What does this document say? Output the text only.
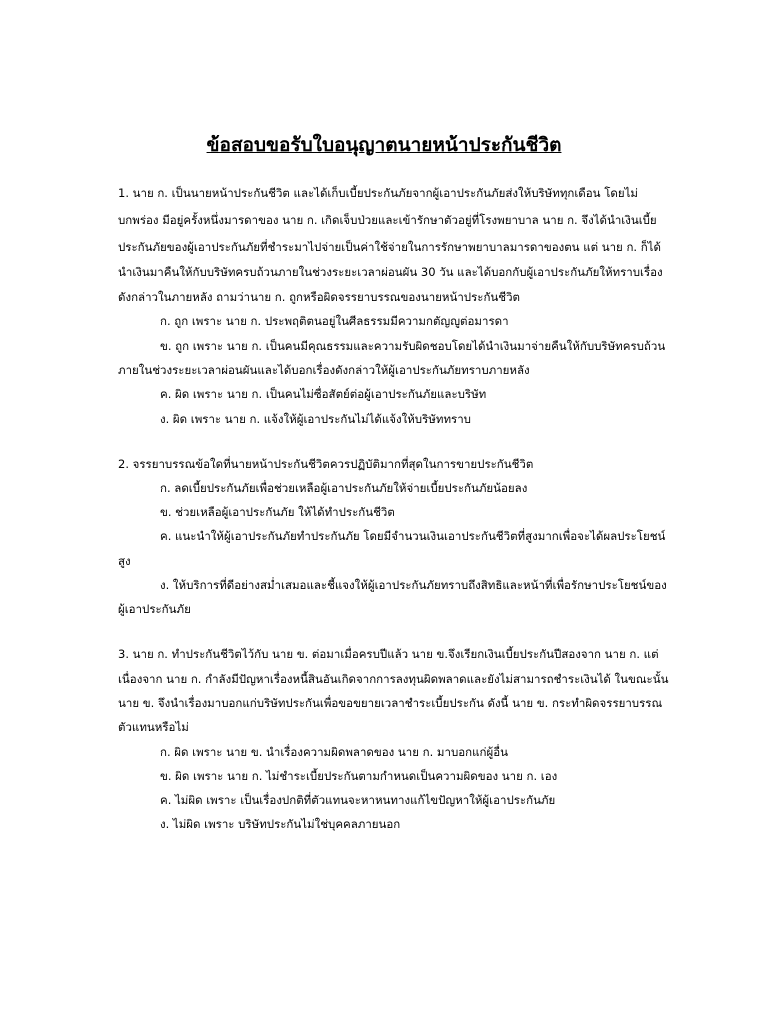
ข้อสอบขอรับใบอนุญาตนายหน้าประกันชีวิต
1. นาย ก. เป็นนายหน้าประกันชีวิต และได้เก็บเบี้ยประกันภัยจากผู้เอาประกันภัยส่งให้บริษัททุกเดือน โดยไม่
บกพร่อง มีอยู่ครั้งหนึ่งมารดาของ นาย ก. เกิดเจ็บป่วยและเข้ารักษาตัวอยู่ที่โรงพยาบาล นาย ก. จึงได้นำเงินเบี้ย
ประกันภัยของผู้เอาประกันภัยที่ชำระมาไปจ่ายเป็นค่าใช้จ่ายในการรักษาพยาบาลมารดาของตน แต่ นาย ก. ก็ได้
นำเงินมาคืนให้กับบริษัทครบถ้วนภายในช่วงระยะเวลาผ่อนผัน 30 วัน และได้บอกกับผู้เอาประกันภัยให้ทราบเรื่อง
ดังกล่าวในภายหลัง ถามว่านาย ก. ถูกหรือผิดจรรยาบรรณของนายหน้าประกันชีวิต
ก. ถูก เพราะ นาย ก. ประพฤติตนอยู่ในศีลธรรมมีความกตัญญูต่อมารดา
ข. ถูก เพราะ นาย ก. เป็นคนมีคุณธรรมและความรับผิดชอบโดยได้นำเงินมาจ่ายคืนให้กับบริษัทครบถ้วน
ภายในช่วงระยะเวลาผ่อนผันและได้บอกเรื่องดังกล่าวให้ผู้เอาประกันภัยทราบภายหลัง
ค. ผิด เพราะ นาย ก. เป็นคนไม่ซื่อสัตย์ต่อผู้เอาประกันภัยและบริษัท
ง. ผิด เพราะ นาย ก. แจ้งให้ผู้เอาประกันไม่ได้แจ้งให้บริษัททราบ
2. จรรยาบรรณข้อใดที่นายหน้าประกันชีวิตควรปฏิบัติมากที่สุดในการขายประกันชีวิต
ก. ลดเบี้ยประกันภัยเพื่อช่วยเหลือผู้เอาประกันภัยให้จ่ายเบี้ยประกันภัยน้อยลง
ข. ช่วยเหลือผู้เอาประกันภัย ให้ได้ทำประกันชีวิต
ค. แนะนำให้ผู้เอาประกันภัยทำประกันภัย โดยมีจำนวนเงินเอาประกันชีวิตที่สูงมากเพื่อจะได้ผลประโยชน์
สูง
ง. ให้บริการที่ดีอย่างสม่ำเสมอและชี้แจงให้ผู้เอาประกันภัยทราบถึงสิทธิและหน้าที่เพื่อรักษาประโยชน์ของ
ผู้เอาประกันภัย
3. นาย ก. ทำประกันชีวิตไว้กับ นาย ข. ต่อมาเมื่อครบปีแล้ว นาย ข.จึงเรียกเงินเบี้ยประกันปีสองจาก นาย ก. แต่
เนื่องจาก นาย ก. กำลังมีปัญหาเรื่องหนี้สินอันเกิดจากการลงทุนผิดพลาดและยังไม่สามารถชำระเงินได้ ในขณะนั้น
นาย ข. จึงนำเรื่องมาบอกแก่บริษัทประกันเพื่อขอขยายเวลาชำระเบี้ยประกัน ดังนี้ นาย ข. กระทำผิดจรรยาบรรณ
ตัวแทนหรือไม่
ก. ผิด เพราะ นาย ข. นำเรื่องความผิดพลาดของ นาย ก. มาบอกแก่ผู้อื่น
ข. ผิด เพราะ นาย ก. ไม่ชำระเบี้ยประกันตามกำหนดเป็นความผิดของ นาย ก. เอง
ค. ไม่ผิด เพราะ เป็นเรื่องปกติที่ตัวแทนจะหาหนทางแก้ไขปัญหาให้ผู้เอาประกันภัย
ง. ไม่ผิด เพราะ บริษัทประกันไม่ใช่บุคคลภายนอก
